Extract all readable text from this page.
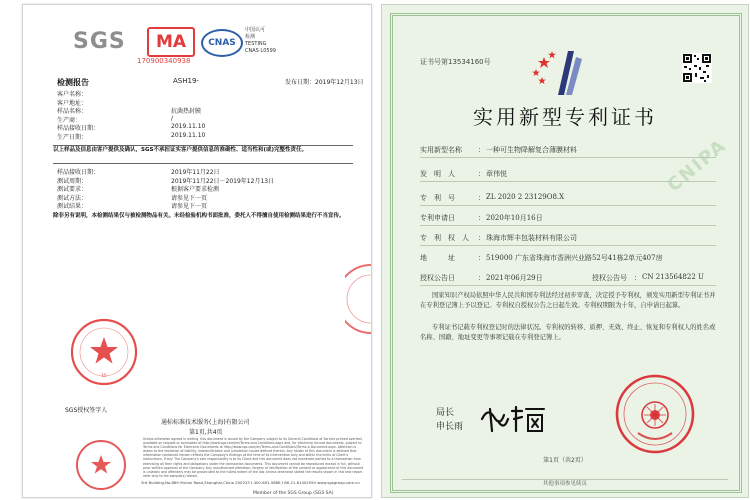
SGS	MA
170900340938
CNAS
中国认可
检测
TESTING
CNAS L0599
检测报告	ASH19-	发布日期：2019年12月13日
客户名称：
客户地址：
样品名称：	抗菌热封膜
生产商：	/
样品接收日期：	2019.11.10
生产日期：	2019.11.10
以上样品及信息由客户提供及确认，SGS不承担证实客户提供信息的准确性、适当性和(或)完整性责任。
样品接收日期：	2019年11月22日
测试周期：	2019年11月22日－2019年12月13日
测试要求：	根据客户要求检测
测试方法：	请参见下一页
测试结果：	请参见下一页
除非另有说明，本检测结果仅与被检测物品有关。未经检验机构书面批准，委托人不得擅自使用检测结果进行不当宣传。
15
SGS授权签字人
通标标准技术服务(上海)有限公司
第1页,共4页
Unless otherwise agreed in writing, this document is issued by the Company subject to its General Conditions of Service printed overleaf, available on request or accessible at http://www.sgs.com/en/Terms-and-Conditions.aspx and, for electronic format documents, subject to Terms and Conditions for Electronic Documents at http://www.sgs.com/en/Terms-and-Conditions/Terms-e-Document.aspx. Attention is drawn to the limitation of liability, indemnification and jurisdiction issues defined therein. Any holder of this document is advised that information contained hereon reflects the Company's findings at the time of its intervention only and within the limits of Client's instructions, if any. The Company's sole responsibility is to its Client and this document does not exonerate parties to a transaction from exercising all their rights and obligations under the transaction documents. This document cannot be reproduced except in full, without prior written approval of the Company. Any unauthorized alteration, forgery or falsification of the content or appearance of this document is unlawful and offenders may be prosecuted to the fullest extent of the law. Unless otherwise stated the results shown in this test report refer only to the sample(s) tested.
3rd Building,No.889,Yishan Road,Shanghai,China 200233 t 400-691-5888 f 86-21-61402594 www.sgsgroup.com.cn
Member of the SGS Group (SGS SA)
证书号第13534160号
实用新型专利证书
CNIPA
实用新型名称 ： 一种可生物降解复合薄膜材料
发　明　人	： 章伟悦
专　利　号	： ZL 2020 2 23129O8.X
专利申请日	： 2020年10月16日
专　利　权　人 ： 珠海市辉丰包装材料有限公司
地　　　址	： 519000 广东省珠海市香洲兴业路52号41栋2单元407房
授权公告日	： 2021年06月29日	授权公告号 ： CN 213564822 U
国家知识产权局依照中华人民共和国专利法经过初步审查，决定授予专利权，颁发实用新型专利证书并在专利登记簿上予以登记。专利权自授权公告之日起生效。专利权期限为十年，自申请日起算。
专利证书记载专利权登记时的法律状况。专利权的转移、质押、无效、终止、恢复和专利权人的姓名或名称、国籍、地址变更等事项记载在专利登记簿上。
局长
申长雨
第1页（共2页）
其他事项参见续页
